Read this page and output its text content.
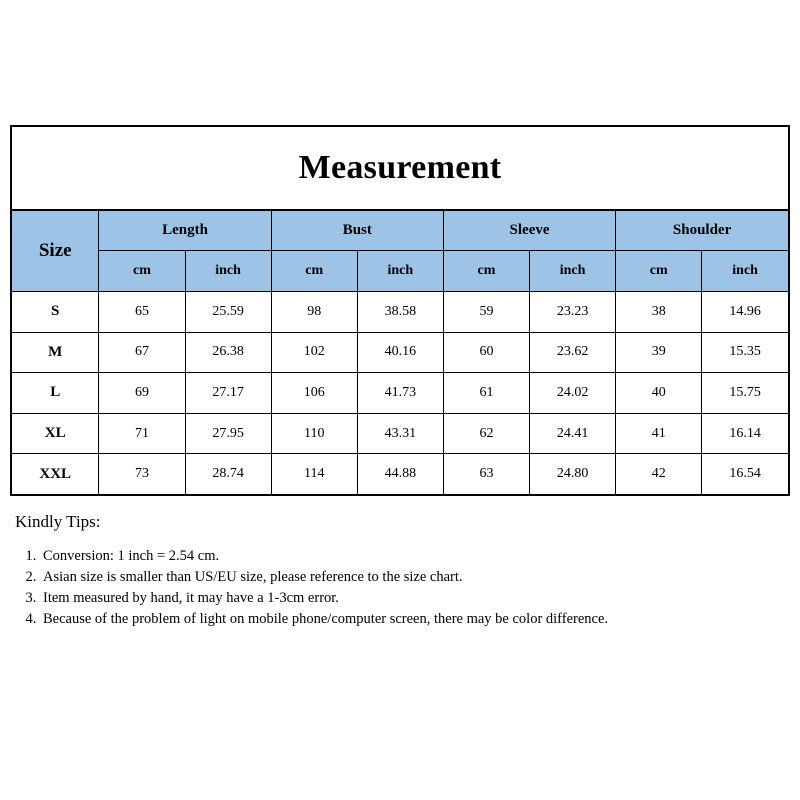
Measurement
Size	Length		Bust		Sleeve		Shoulder	
	cm	inch	cm	inch	cm	inch	cm	inch
S	65	25.59	98	38.58	59	23.23	38	14.96
M	67	26.38	102	40.16	60	23.62	39	15.35
L	69	27.17	106	41.73	61	24.02	40	15.75
XL	71	27.95	110	43.31	62	24.41	41	16.14
XXL	73	28.74	114	44.88	63	24.80	42	16.54
Kindly Tips:
1. Conversion: 1 inch = 2.54 cm.
2. Asian size is smaller than US/EU size, please reference to the size chart.
3. Item measured by hand, it may have a 1-3cm error.
4. Because of the problem of light on mobile phone/computer screen, there may be color difference.
